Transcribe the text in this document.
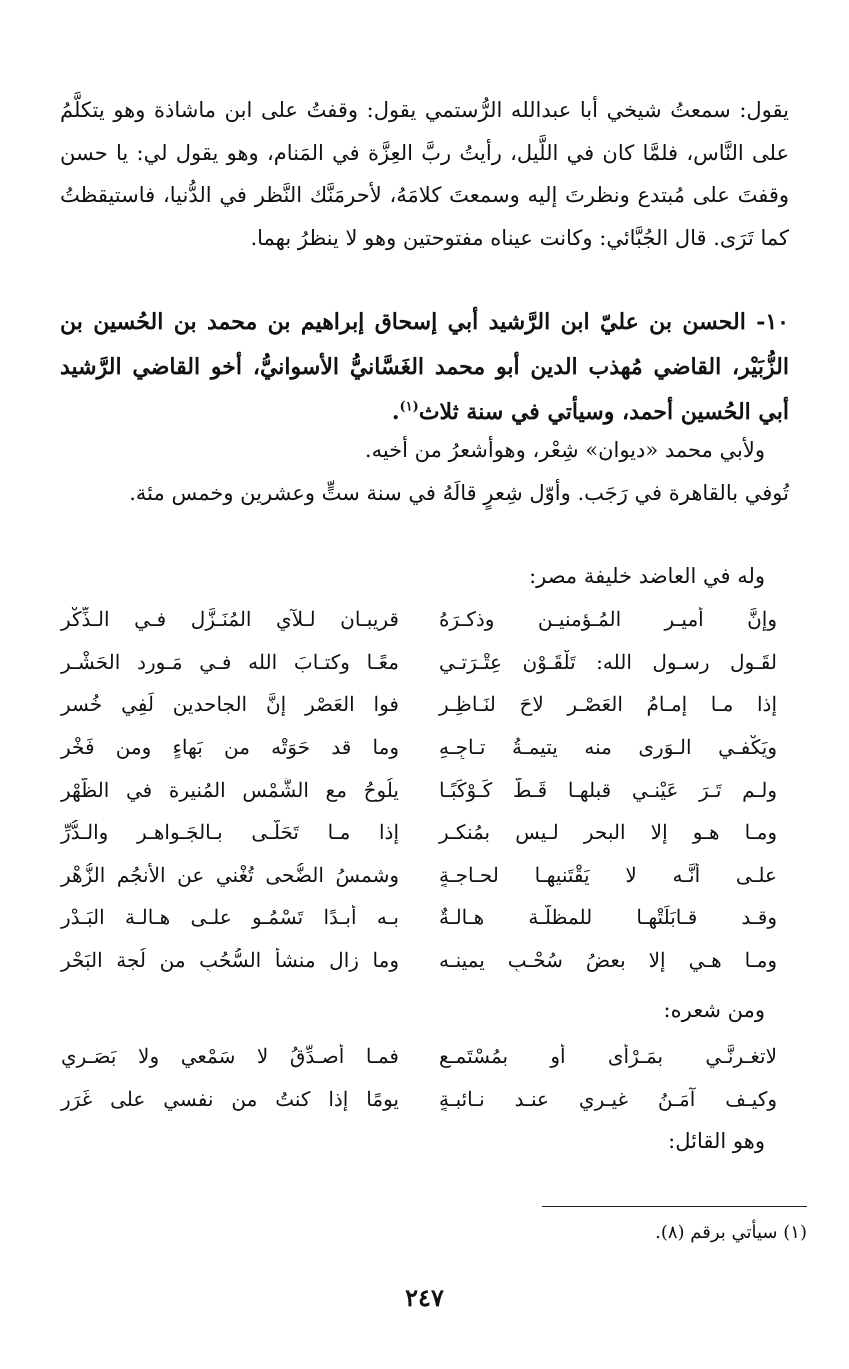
يقول: سمعتُ شيخي أبا عبدالله الرُّستمي يقول: وقفتُ على ابن ماشاذة وهو يتكلَّمُ على النَّاس، فلمَّا كان في اللَّيل، رأيتُ ربَّ العِزَّة في المَنام، وهو يقول لي: يا حسن وقفتَ على مُبتدع ونظرتَ إليه وسمعتَ كلامَهُ، لأحرمَنَّك النَّظر في الدُّنيا، فاستيقظتُ كما تَرَى. قال الجُبَّائي: وكانت عيناه مفتوحتين وهو لا ينظرُ بهما.

١٠- الحسن بن عليّ ابن الرَّشيد أبي إسحاق إبراهيم بن محمد بن الحُسين بن الزُّبَيْر، القاضي مُهذب الدين أبو محمد الغَسَّانيُّ الأسوانيُّ، أخو القاضي الرَّشيد أبي الحُسين أحمد، وسيأتي في سنة ثلاث$^{(١)}$.

ولأبي محمد «ديوان» شِعْر، وهوأشعرُ من أخيه.

تُوفي بالقاهرة في رَجَب. وأوّل شِعرٍ قالَهُ في سنة ستٍّ وعشرين وخمس مئة.

وله في العاضد خليفة مصر:

وإنَّ أميـر المُـؤمنيـن وذكـرَهُ
قريبـان لـلآي المُنَـزَّلِ فـي الـذِّكْر
لقَـول رسـول الله: تَلْقَـوْن عِتْـرَتـي
معًـا وكتـابَ الله فـي مَـورد الحَشْـر
إذا مـا إمـامُ العَصْـر لاحَ لنَـاظِـرٍ
فوا العَصْر إنَّ الجاحدين لَفِي خُسر
ويَكْفـي الـوَرى منه يتيمـةُ تـاجِـهِ
وما قد حَوَتْه من بَهاءٍ ومن فَخْر
ولـم تَـرَ عَيْنـي قبلهـا قَـطُّ كَـوْكَبًـا
يلُوحُ مع الشَّمْس المُنيرة في الظُّهْر
ومـا هـو إلا البحر لـيس بمُنكـرٍ
إذا مـا تَحَلَّـى بـالجَـواهـر والـدُّرِّ
علـى أنَّـه لا يَقْتَنيهـا لحـاجـةٍ
وشمسُ الضُّحى تُغْني عن الأنجُمِ الزُّهْرِ
وقـد قـابَلَتْهـا للمظلَّـة هـالـةٌ
بـه أبـدًا تَسْمُـو علـى هـالـة البَـدْر
ومـا هـي إلا بعضُ سُحْـبِ يمينـه
وما زال منشأ السُّحُبِ من لُجة البَحْرِ

ومن شعره:

لاتغـرنَّـي بمَـرْأى أو بمُسْتَمـع
فمـا أصـدِّقُ لا سَمْعي ولا بَصَـري
وكيـف آمَـنُ غيـري عنـد نـائبـةٍ
يومًا إذا كنتُ من نفسي على غَرَرِ

وهو القائل:

(١) سيأتي برقم (٨).
٢٤٧
